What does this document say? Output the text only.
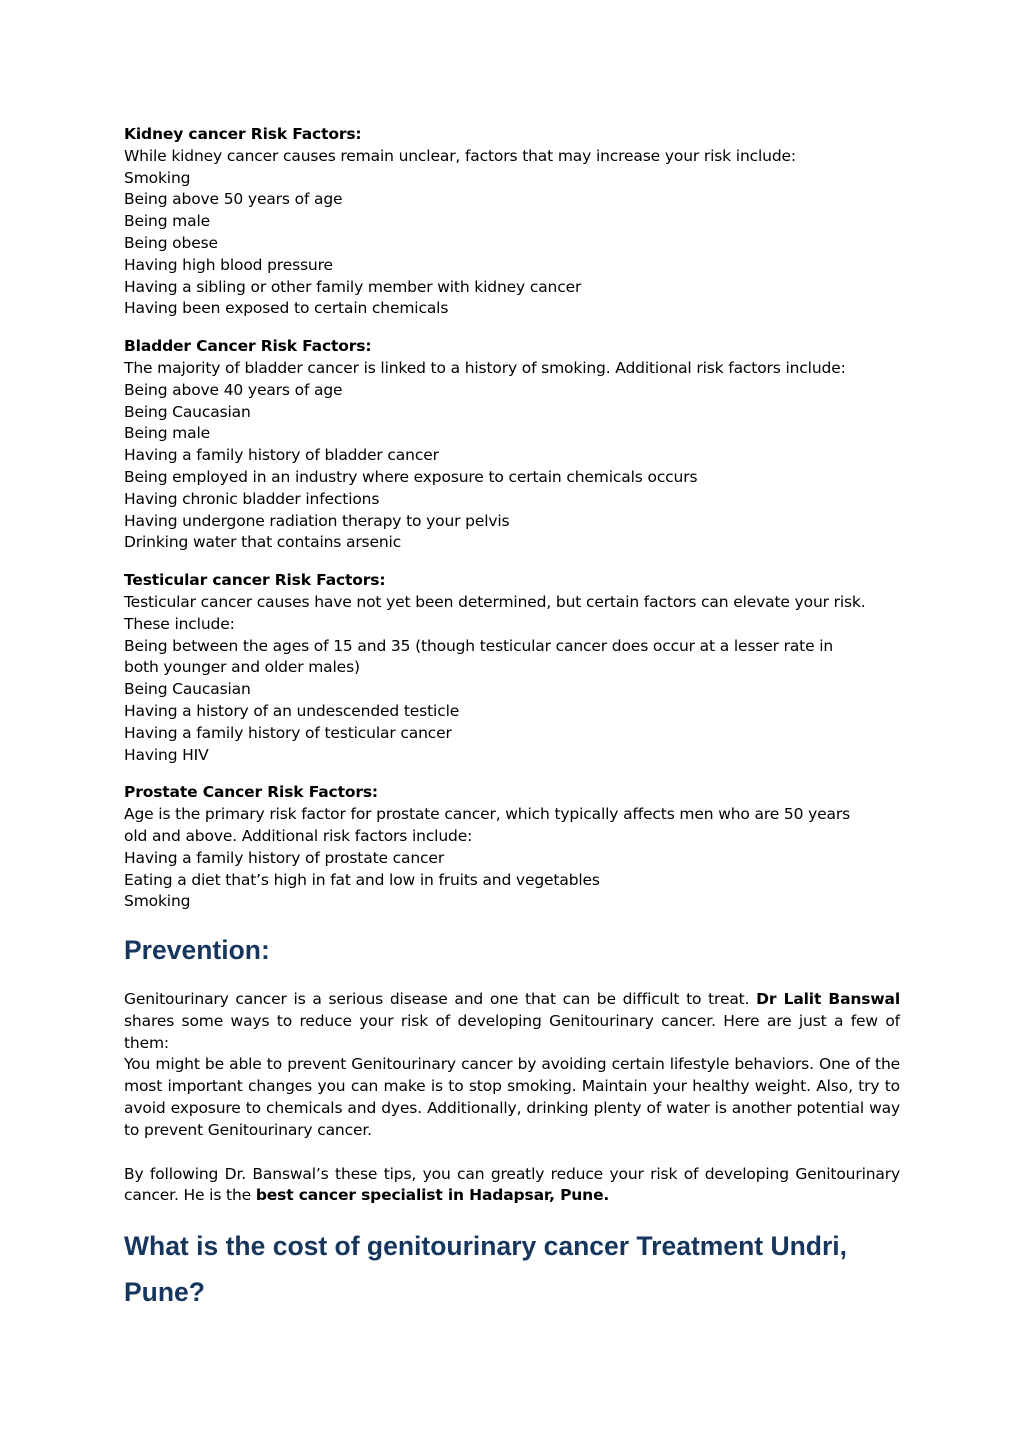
Kidney cancer Risk Factors:
While kidney cancer causes remain unclear, factors that may increase your risk include:
Smoking
Being above 50 years of age
Being male
Being obese
Having high blood pressure
Having a sibling or other family member with kidney cancer
Having been exposed to certain chemicals
Bladder Cancer Risk Factors:
The majority of bladder cancer is linked to a history of smoking. Additional risk factors include:
Being above 40 years of age
Being Caucasian
Being male
Having a family history of bladder cancer
Being employed in an industry where exposure to certain chemicals occurs
Having chronic bladder infections
Having undergone radiation therapy to your pelvis
Drinking water that contains arsenic
Testicular cancer Risk Factors:
Testicular cancer causes have not yet been determined, but certain factors can elevate your risk.
These include:
Being between the ages of 15 and 35 (though testicular cancer does occur at a lesser rate in
both younger and older males)
Being Caucasian
Having a history of an undescended testicle
Having a family history of testicular cancer
Having HIV
Prostate Cancer Risk Factors:
Age is the primary risk factor for prostate cancer, which typically affects men who are 50 years
old and above. Additional risk factors include:
Having a family history of prostate cancer
Eating a diet that’s high in fat and low in fruits and vegetables
Smoking
Prevention:
Genitourinary cancer is a serious disease and one that can be difficult to treat. Dr Lalit Banswal shares some ways to reduce your risk of developing Genitourinary cancer. Here are just a few of them:
You might be able to prevent Genitourinary cancer by avoiding certain lifestyle behaviors. One of the most important changes you can make is to stop smoking. Maintain your healthy weight. Also, try to avoid exposure to chemicals and dyes. Additionally, drinking plenty of water is another potential way to prevent Genitourinary cancer.
By following Dr. Banswal’s these tips, you can greatly reduce your risk of developing Genitourinary cancer. He is the best cancer specialist in Hadapsar, Pune.
What is the cost of genitourinary cancer Treatment Undri, Pune?
